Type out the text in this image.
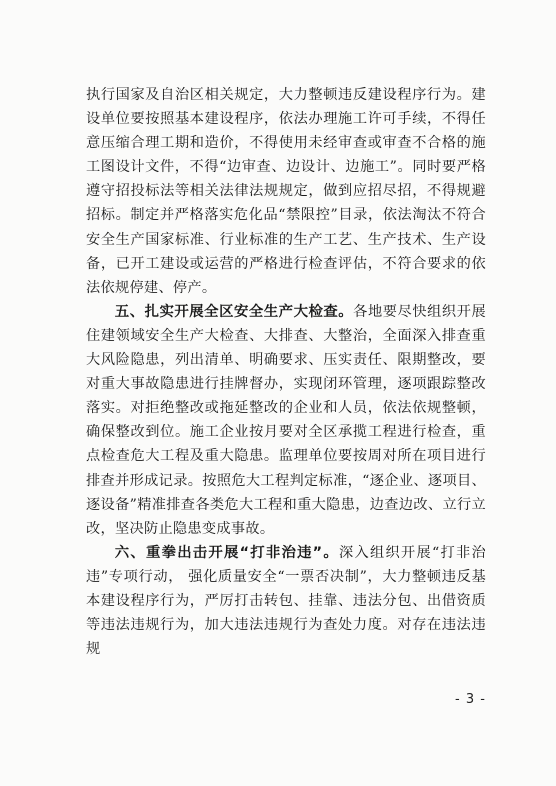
执行国家及自治区相关规定，大力整顿违反建设程序行为。建设单位要按照基本建设程序，依法办理施工许可手续，不得任意压缩合理工期和造价，不得使用未经审查或审查不合格的施工图设计文件，不得“边审查、边设计、边施工”。同时要严格遵守招投标法等相关法律法规规定，做到应招尽招，不得规避招标。制定并严格落实危化品“禁限控”目录，依法淘汰不符合安全生产国家标准、行业标准的生产工艺、生产技术、生产设备，已开工建设或运营的严格进行检查评估，不符合要求的依法依规停建、停产。

五、扎实开展全区安全生产大检查。各地要尽快组织开展住建领域安全生产大检查、大排查、大整治，全面深入排查重大风险隐患，列出清单、明确要求、压实责任、限期整改，要对重大事故隐患进行挂牌督办，实现闭环管理，逐项跟踪整改落实。对拒绝整改或拖延整改的企业和人员，依法依规整顿，确保整改到位。施工企业按月要对全区承揽工程进行检查，重点检查危大工程及重大隐患。监理单位要按周对所在项目进行排查并形成记录。按照危大工程判定标准，“逐企业、逐项目、逐设备”精准排查各类危大工程和重大隐患，边查边改、立行立改，坚决防止隐患变成事故。

六、重拳出击开展“打非治违”。深入组织开展“打非治违”专项行动， 强化质量安全“一票否决制”，大力整顿违反基本建设程序行为，严厉打击转包、挂靠、违法分包、出借资质等违法违规行为，加大违法违规行为查处力度。对存在违法违规

- 3 -
